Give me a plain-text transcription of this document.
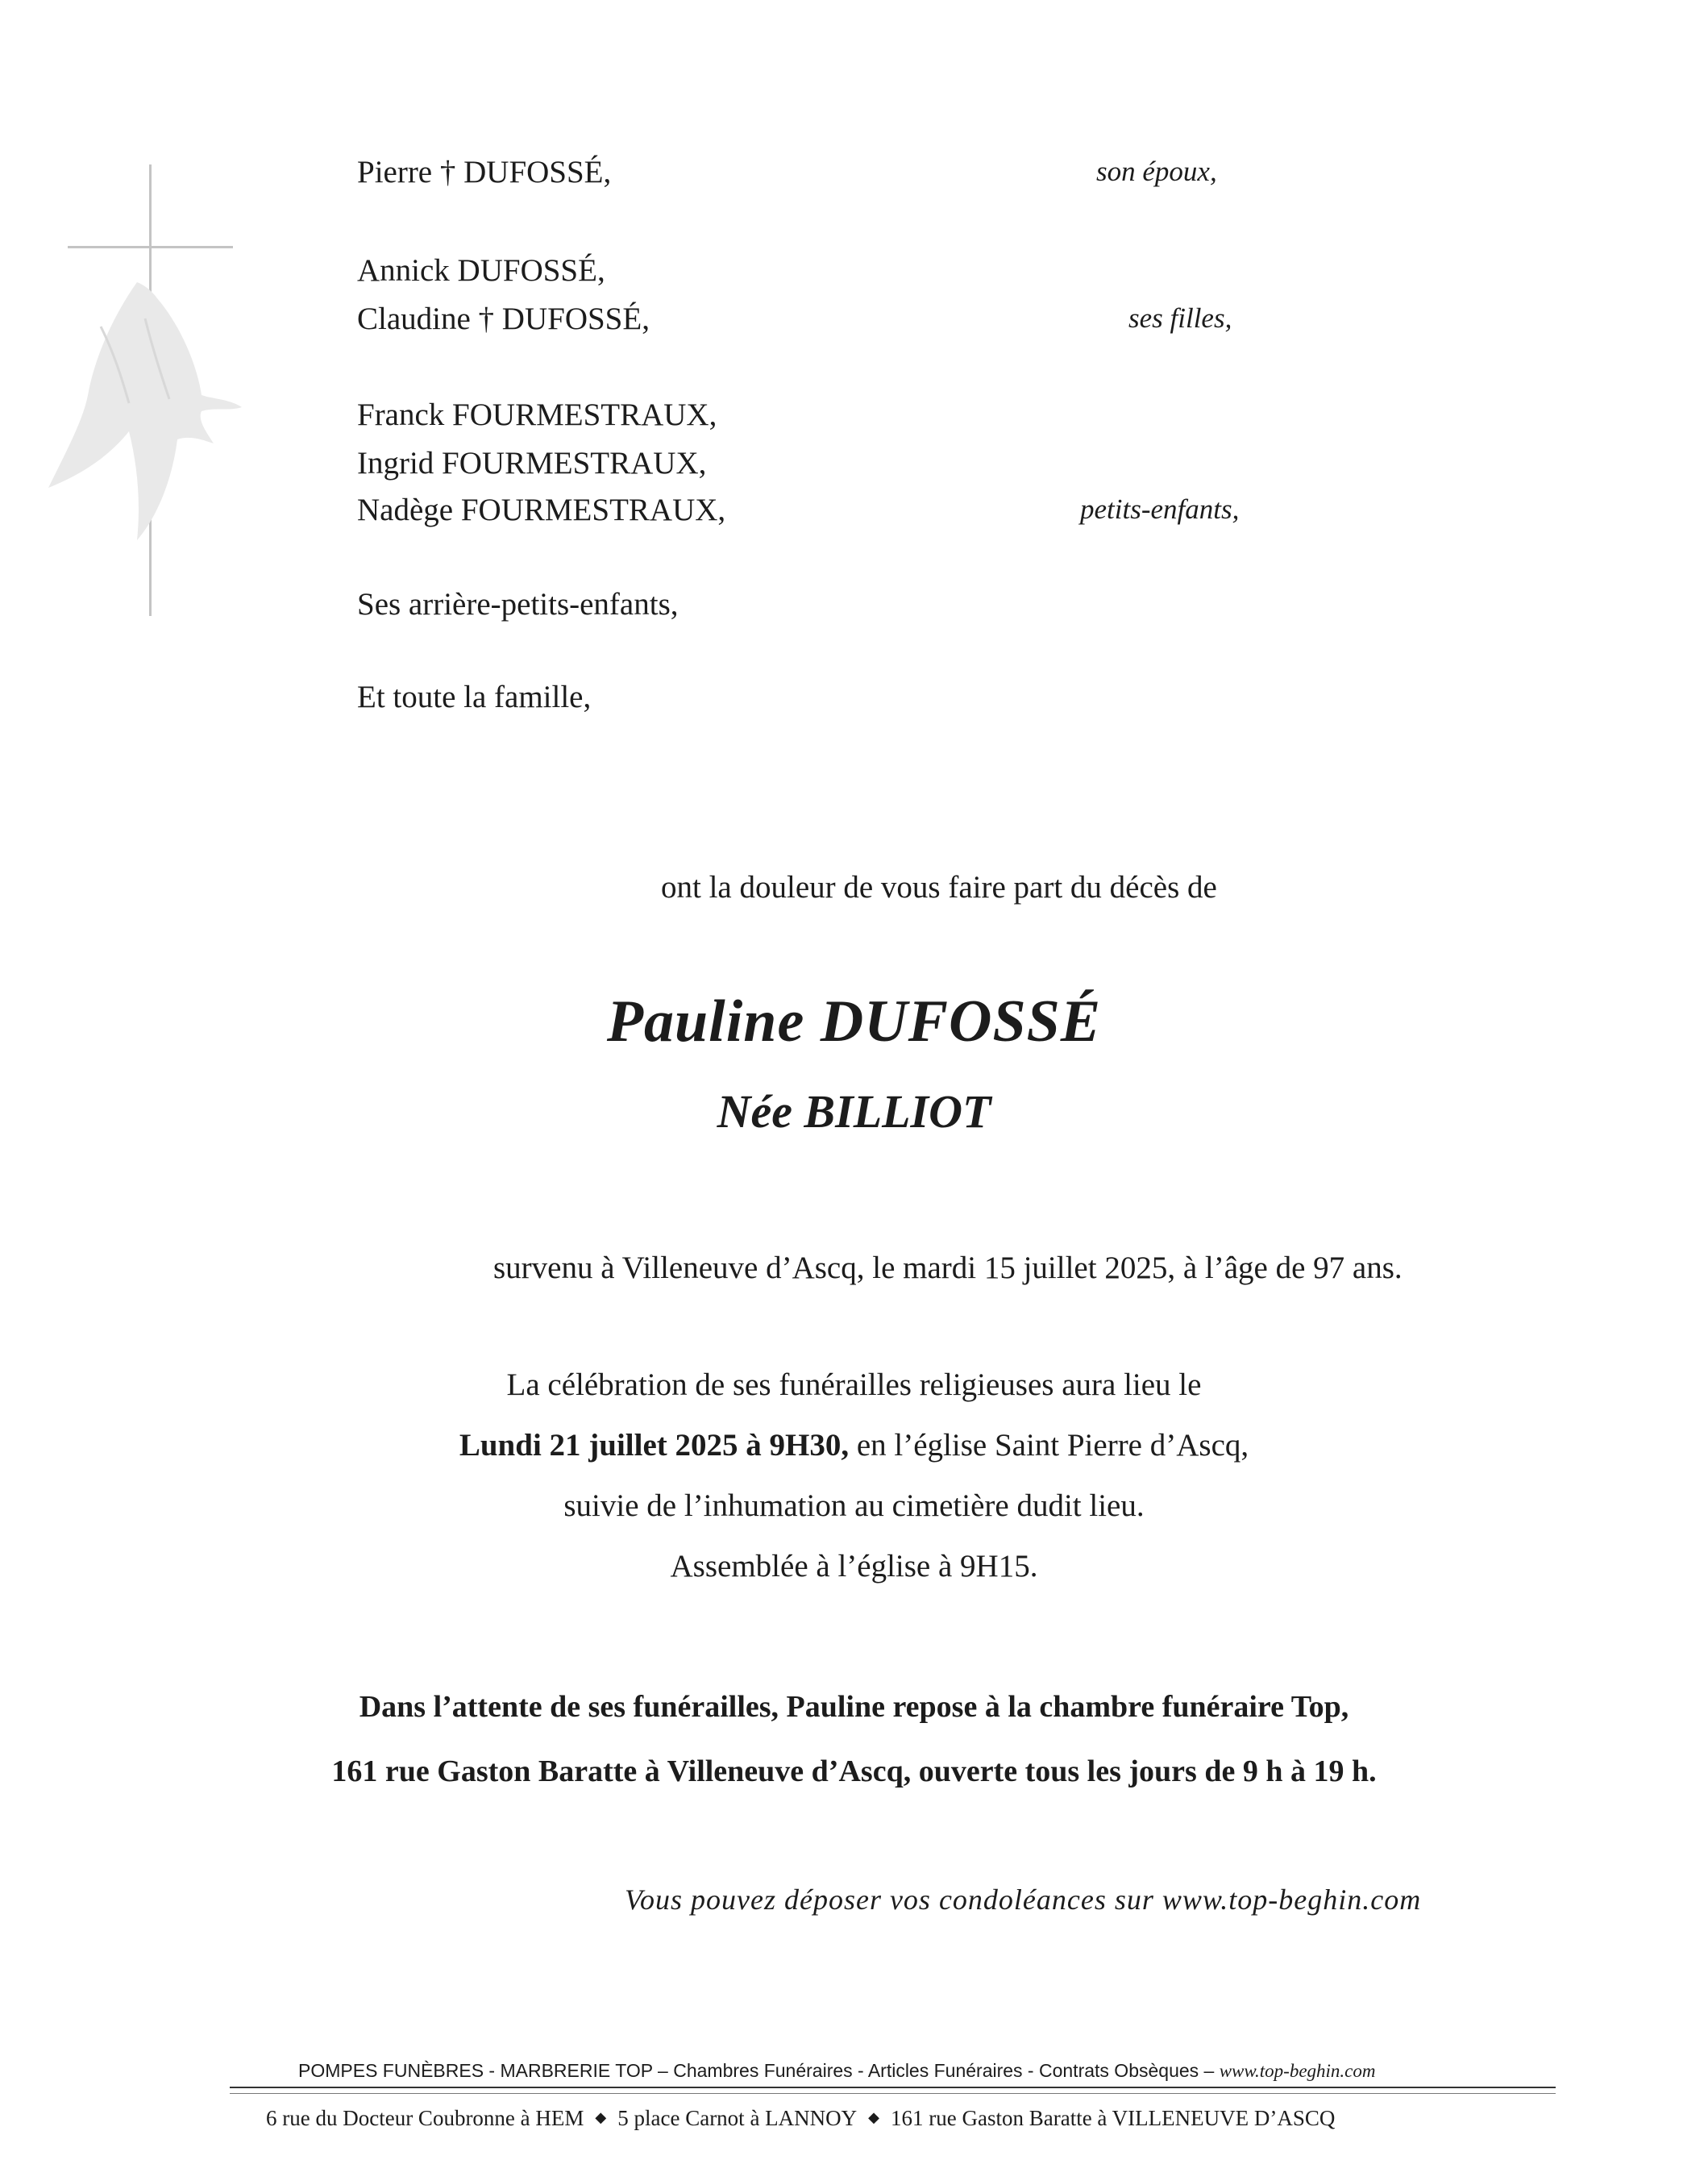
Pierre † DUFOSSÉ,	son époux,
Annick DUFOSSÉ,
Claudine † DUFOSSÉ,	ses filles,
Franck FOURMESTRAUX,
Ingrid FOURMESTRAUX,
Nadège FOURMESTRAUX,	petits-enfants,
Ses arrière-petits-enfants,
Et toute la famille,
ont la douleur de vous faire part du décès de
Pauline DUFOSSÉ
Née BILLIOT
survenu à Villeneuve d’Ascq, le mardi 15 juillet 2025, à l’âge de 97 ans.
La célébration de ses funérailles religieuses aura lieu le
Lundi 21 juillet 2025 à 9H30, en l’église Saint Pierre d’Ascq,
suivie de l’inhumation au cimetière dudit lieu.
Assemblée à l’église à 9H15.
Dans l’attente de ses funérailles, Pauline repose à la chambre funéraire Top,
161 rue Gaston Baratte à Villeneuve d’Ascq, ouverte tous les jours de 9 h à 19 h.
Vous pouvez déposer vos condoléances sur www.top-beghin.com
POMPES FUNÈBRES - MARBRERIE TOP – Chambres Funéraires - Articles Funéraires - Contrats Obsèques – www.top-beghin.com
6 rue du Docteur Coubronne à HEM ◆ 5 place Carnot à LANNOY ◆ 161 rue Gaston Baratte à VILLENEUVE D’ASCQ
